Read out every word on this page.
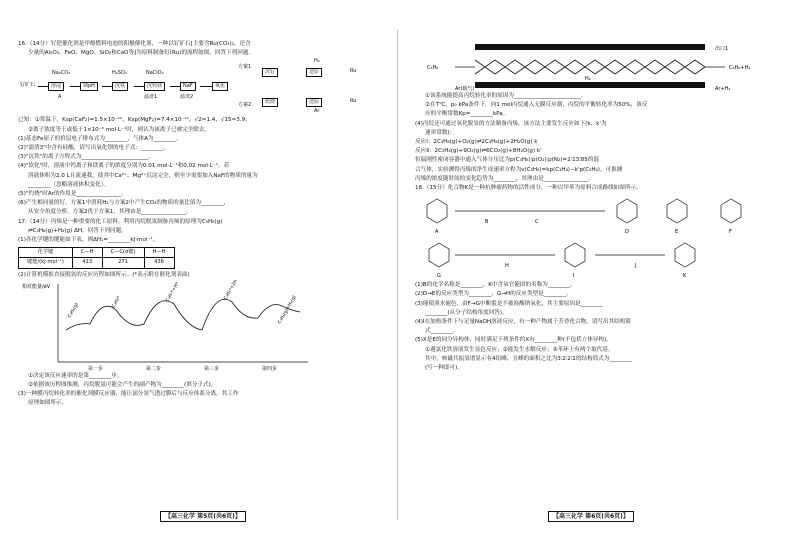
16.（14分）钌钯催化剂是甲醇燃料电池的阳极催化剂，一种以钌矿石[主要含Ru(CO₃)₂，还含
少量的Al₂O₃、FeO、MgO、SiO₂和CaO等]为原料制备钌(Ru)的流程如图，回答下列问题。
钌矿石	溶浸
Na₂CO₃
A
调pH	沉铁
H₂SO₄
沉钙镁
NaClO₃
滤渣1
NaF
滤渣2
氧化
方案1
方案2
沉钌
焙烧
H₂
还原	Ru
还原
Ar
Ru
已知：①常温下，Ksp(CaF₂)=1.5×10⁻¹⁰，Ksp(MgF₂)=7.4×10⁻¹¹，√2≈1.4，√15≈3.9；
②离子浓度等于或低于1×10⁻⁵ mol·L⁻¹时，则认为该离子已被完全除去。
(1)基态Fe原子的价层电子排布式为________，气体A为________。
(2)"滤渣3"中含有硅酸，请写出氧化钡的电子式：________。
(3)"沉铁"的离子方程式为________________________。
(4)"软化"时，溶液中钙离子和镁离子的浓度分别为0.01 mol·L⁻¹和0.02 mol·L⁻¹，若
溶液体积为2.0 L且流速我，使其中Ca²⁺、Mg²⁺沉淀完全，则至少需要加入NaF的物质的量为
________（忽略溶液体积变化）。
(5)"灼烧"时Ar的作用是________________。
(6)产生相同量的钌，方案1中消耗H₂与方案2中产生CO₂的物质的量比值为________，
从安全角度分析，方案2优于方案1，其理由是________________。
17.（14分）丙烯是一种重要的化工原料。利用丙烷脱氢制备丙烯的原理为C₃H₈(g)
⇌C₃H₆(g)+H₂(g) ΔH，回答下列问题。
(1)各化学键的键能如下表，则ΔH₁=________kJ·mol⁻¹。
化学键	C—H	C—C(σ键)	H—H
键能/(kJ·mol⁻¹)	413	271	436
(2)计算机模拟直接脱氢的反应历程如图所示。(*表示附在催化剂表面)
相对能量/eV
C₃H₈(g)	C₃H₈*	C₃H₇*+H*	C₃H₆*+2H*
C₃H₆(g)+H₂(g)
第一步	第二步	第三步	第四步
①决定该反应速率的是第________步。
②依据该历程图推测，丙烷脱氢可能会产生的副产物为________(填分子式)。
(3)一种膜丙烷转化率的催化剂膜反应器，能让部分氢气透过膜后与反应体系分离，其工作
原理如图所示。
【高三化学 第5页(共6页)】
C₃H₈	C₃H₆+H₂
Ar(载气)	Ar+H₂
H₂
出口1
①该系统能提高丙烷转化率的原因为________________________。
②在T℃、p₀ kPa条件下，向1 mol丙烷通入无膜反应器，丙烷的平衡转化率为50%，该反
应的平衡常数Kp=________kPa。
(4)丙烷还可通过氧化脱氢的方法制备丙烯，该方法主要发生反应如下(k、k'为
速率常数)：
反应Ⅰ：2C₃H₈(g)+O₂(g)⇌2C₃H₆(g)+2H₂O(g) k
反应Ⅱ：2C₃H₈(g)+9O₂(g)⇌6CO₂(g)+8H₂O(g) k'
恒温刚性密闭容器中通入气体分压比为p(C₃H₈)∶p(O₂)∶p(N₂)=2∶13∶85的混
合气体，实验测得丙烯的净生成速率方程为v(C₃H₆)=kp(C₃H₈)−k'p(C₃H₆)，可推测
丙烯的浓度随时间的变化趋势为________，其理由是________________。
18.（15分）化合物K是一种抗肿瘤药物的活性成分，一种以甲苯为原料合成路线如图所示。
A
B	C
D	E	F
G
H
I
J
K
(1)B的化学名称是________，K中含氧官能团的名称为________。
(2)D→E的反应类型为________，G→H的反应类型是________。
(3)能使溴水褪色，由F→G中断裂是不被溴酸钠氧化，其主要原因是________
________(从分子结构角度回答)。
(4)I在加热条件下与足量NaOH溶液反应，有一种产物属于芳香化合物，请写出其结构简
式________。
(5)X是E的同分异构体，同时满足下列条件的X有________种(不包括立体异构)。
①遇氯化铁溶液发生显色反应；②能发生水解反应；③苯环上有两个取代基。
其中，核磁共振氢谱显示有4组峰，且峰的面积之比为3∶2∶2∶1的结构简式为________
(写一种即可)。
【高三化学 第6页(共6页)】
